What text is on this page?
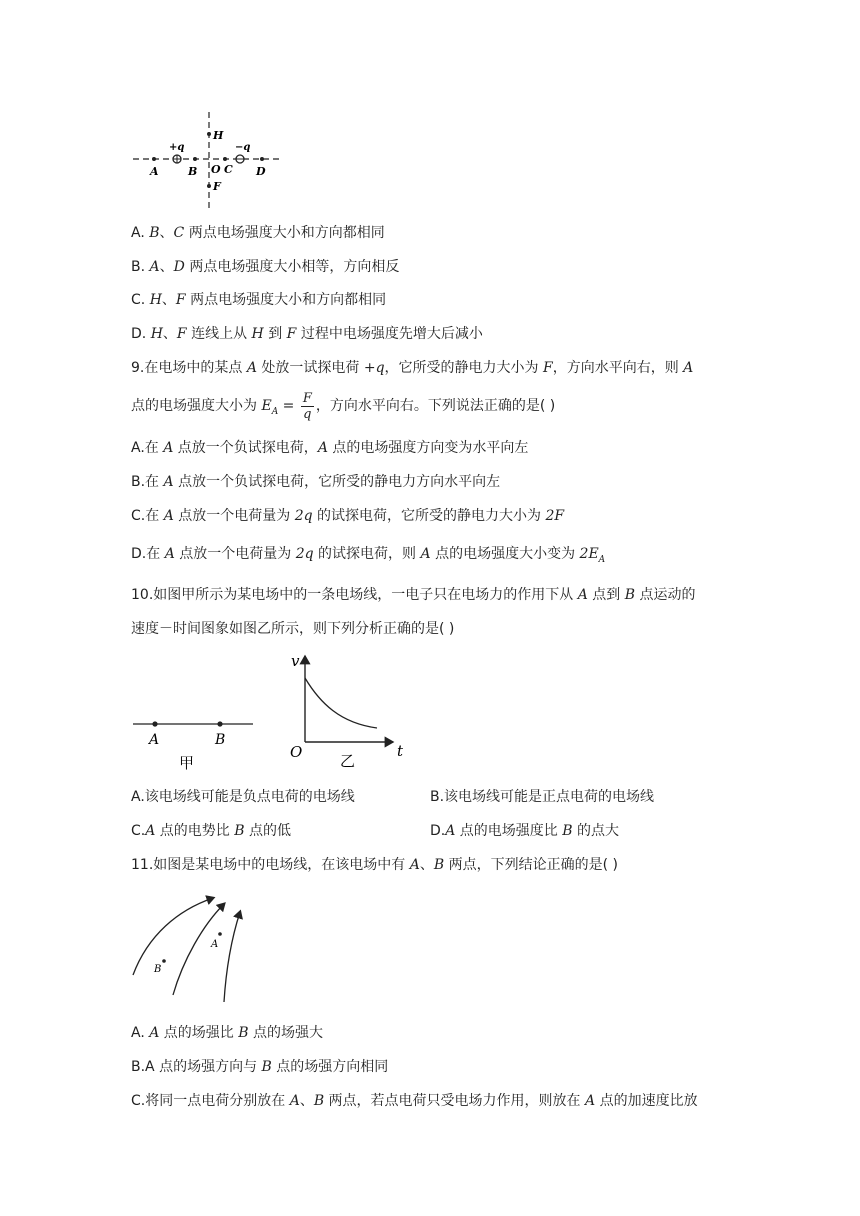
H
+q	−q
A	B O C D
F
A. B、C 两点电场强度大小和方向都相同
B. A、D 两点电场强度大小相等，方向相反
C. H、F 两点电场强度大小和方向都相同
D. H、F 连线上从 H 到 F 过程中电场强度先增大后减小
9.在电场中的某点 A 处放一试探电荷 +q，它所受的静电力大小为 F，方向水平向右，则 A
点的电场强度大小为 $E_A = \frac{F}{q}$ ，方向水平向右。下列说法正确的是( )
A.在 A 点放一个负试探电荷，A 点的电场强度方向变为水平向左
B.在 A 点放一个负试探电荷，它所受的静电力方向水平向左
C.在 A 点放一个电荷量为 2q 的试探电荷，它所受的静电力大小为 2F
D.在 A 点放一个电荷量为 2q 的试探电荷，则 A 点的电场强度大小变为 $2E_A$
10.如图甲所示为某电场中的一条电场线，一电子只在电场力的作用下从 A 点到 B 点运动的
速度－时间图象如图乙所示，则下列分析正确的是( )
A	B
甲
v
O	t
乙
A.该电场线可能是负点电荷的电场线	B.该电场线可能是正点电荷的电场线
C.A 点的电势比 B 点的低	D.A 点的电场强度比 B 的点大
11.如图是某电场中的电场线，在该电场中有 A、B 两点，下列结论正确的是( )
A
B
A. A 点的场强比 B 点的场强大
B.A 点的场强方向与 B 点的场强方向相同
C.将同一点电荷分别放在 A、B 两点，若点电荷只受电场力作用，则放在 A 点的加速度比放
